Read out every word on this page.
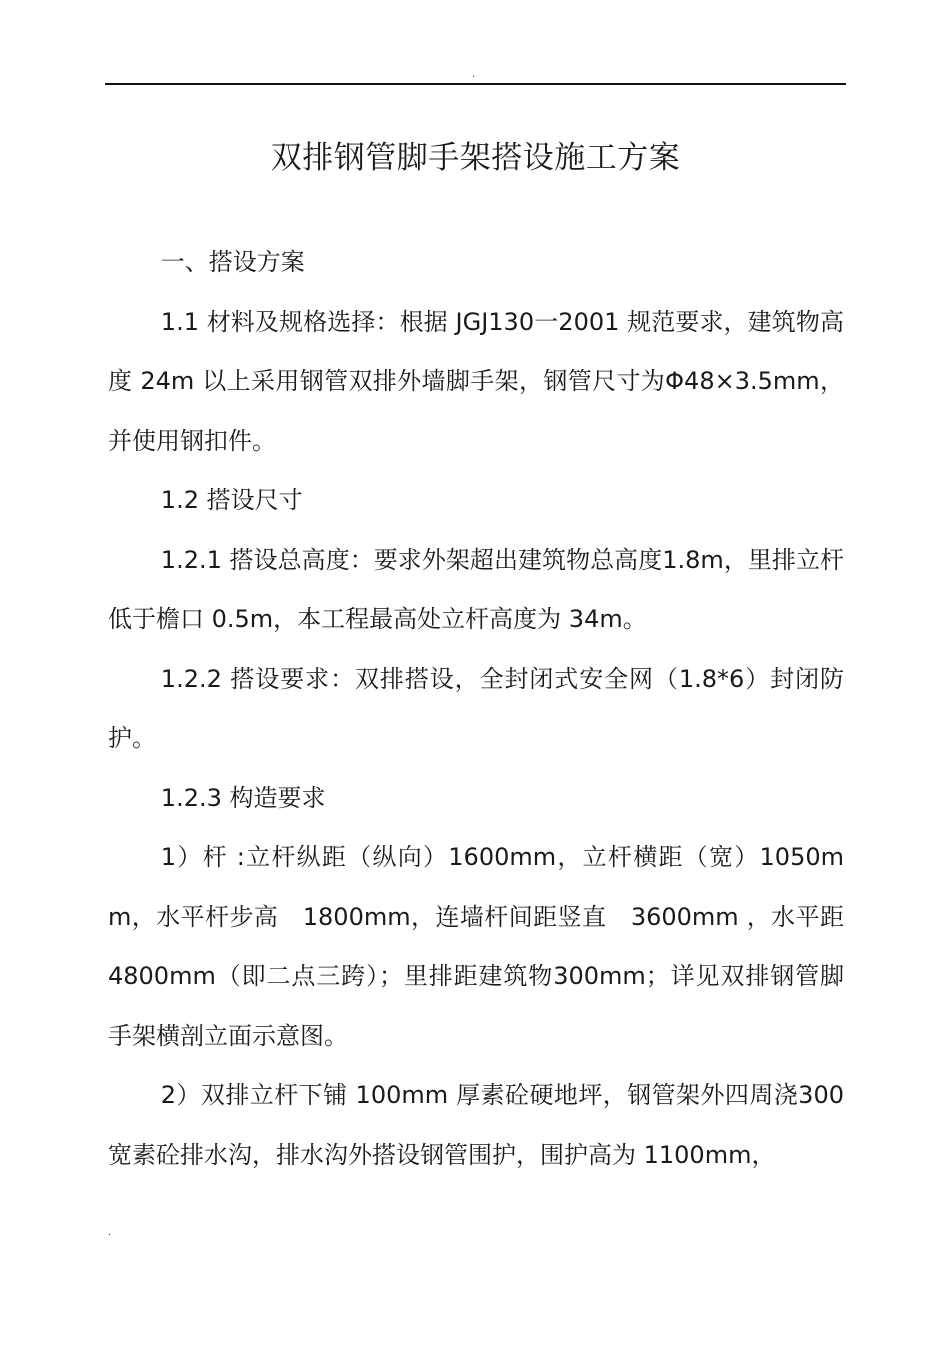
.
双排钢管脚手架搭设施工方案

一、搭设方案

1.1 材料及规格选择：根据 JGJ130一2001 规范要求，建筑物高度 24m 以上采用钢管双排外墙脚手架，钢管尺寸为Φ48×3.5mm，并使用钢扣件。

1.2 搭设尺寸

1.2.1 搭设总高度：要求外架超出建筑物总高度1.8m，里排立杆低于檐口 0.5m，本工程最高处立杆高度为 34m。

1.2.2 搭设要求：双排搭设，全封闭式安全网（1.8*6）封闭防护。

1.2.3 构造要求

1）杆 :立杆纵距（纵向）1600mm，立杆横距（宽）1050mm，水平杆步高　1800mm，连墙杆间距竖直　3600mm ，水平距4800mm（即二点三跨）；里排距建筑物300mm；详见双排钢管脚手架横剖立面示意图。

2）双排立杆下铺 100mm 厚素砼硬地坪，钢管架外四周浇300 宽素砼排水沟，排水沟外搭设钢管围护，围护高为 1100mm，

.
